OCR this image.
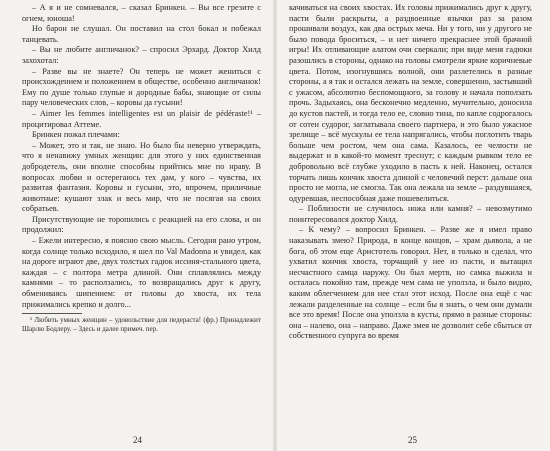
– А я и не сомневался, – сказал Бринкен. – Вы все грезите с огнем, юноша!

Но барон не слушал. Он поставил на стол бокал и побежал танцевать.

– Вы не любите англичанок? – спросил Эрхард. Доктор Хилд захохотал:

– Разве вы не знаете? Он теперь не может жениться с происхождением и положением в обществе, особенно англичанок! Ему по душе только глупые и дородные бабы, знающие от силы пару человеческих слов, – коровы да гусыни!

– Aimer les femmes intelligentes est un plaisir de pédéraste!¹ – процитировал Аттеме.

Бринкен пожал плечами:

– Может, это и так, не знаю. Но было бы неверно утверждать, что я ненавижу умных женщин: для этого у них единственная добродетель, они вполне способны прийтись мне по нраву. В вопросах любви и остерегаюсь тех дам, у кого – чувства, их развитая фантазия. Коровы и гусыни, это, впрочем, приличные животные: кушают злак и весь мир, что не посягая на своих собратьев.

Присутствующие не торопились с реакцией на его слова, и он продолжил:

– Ежели интересно, я поясню свою мысль. Сегодня рано утром, когда солнце только всходило, я шел по Val Madonna и увидел, как на дороге играют две, двух толстых гадюк иссиня-стального цвета, каждая – с полтора метра длиной. Они сплавлялись между камнями – то расползались, то возвращались друг к другу, обмениваясь шипением: от головы до хвоста, их тела прижимались крепко и долго...

¹ Любить умных женщин – удовольствие для педераста! (фр.) Принадлежит Шарлю Бодлеру. – Здесь и далее примеч. пер.

24

качиваться на своих хвостах. Их головы прижимались друг к другу, пасти были раскрыты, а раздвоенные язычки раз за разом прошивали воздух, как два острых меча. Ни у того, ни у другого не было повода броситься, – и нет ничего прекраснее этой брачной игры! Их отливающие алатом очи сверкали; при виде меня гадюки разошлись в стороны, однако на головы смотрели яркие коричневые цвета. Потом, изогнувшись волной, они разлетелись в разные стороны, а я так и остался лежать на земле, совершенно, застывший с ужасом, абсолютно беспомощного, за голову и начала поползать прочь. Задыхаясь, она бесконечно медленно, мучительно, доносила до кустов пастей, и тогда тело ее, словно тина, по капле содрогалось от сотен судорог, заглатывала своего партнера, и это было ужасное зрелище – всё мускулы ее тела напрягались, чтобы поглотить тварь больше чем ростом, чем она сама. Казалось, ее челюсти не выдержат и в какой-то момент треснут; с каждым рывком тело ее добровольно всё глубже уходило в пасть к ней. Наконец, остался торчать лишь кончик хвоста длиной с человечий перст: дальше она просто не могла, не смогла. Так она лежала на земле – раздувшаяся, одуревшая, неспособная даже пошевелиться.

– Поблизости не случилось ножа или камня? – невозмутимо поинтересовался доктор Хилд.

– К чему? – вопросил Бринкен. – Разве же я имел право наказывать змею? Природа, в конце концов, – храм дьявола, а не бога, об этом еще Аристотель говорил. Нет, я только и сделал, что ухватил кончик хвоста, торчащий у нее из пасти, и вытащил несчастного самца наружу. Он был мертв, но самка выжила и осталась покойно там, прежде чем сама не уползла, и было видно, каким облегчением для нее стал этот исход. После она ещё с час лежали разделенные на солнце – если бы я знать, о чем они думали все это время! После она уползла в кусты, прямо в разные стороны: она – налево, она – направо. Даже змея не дозволит себе сбыться от собственного супруга во время

25
